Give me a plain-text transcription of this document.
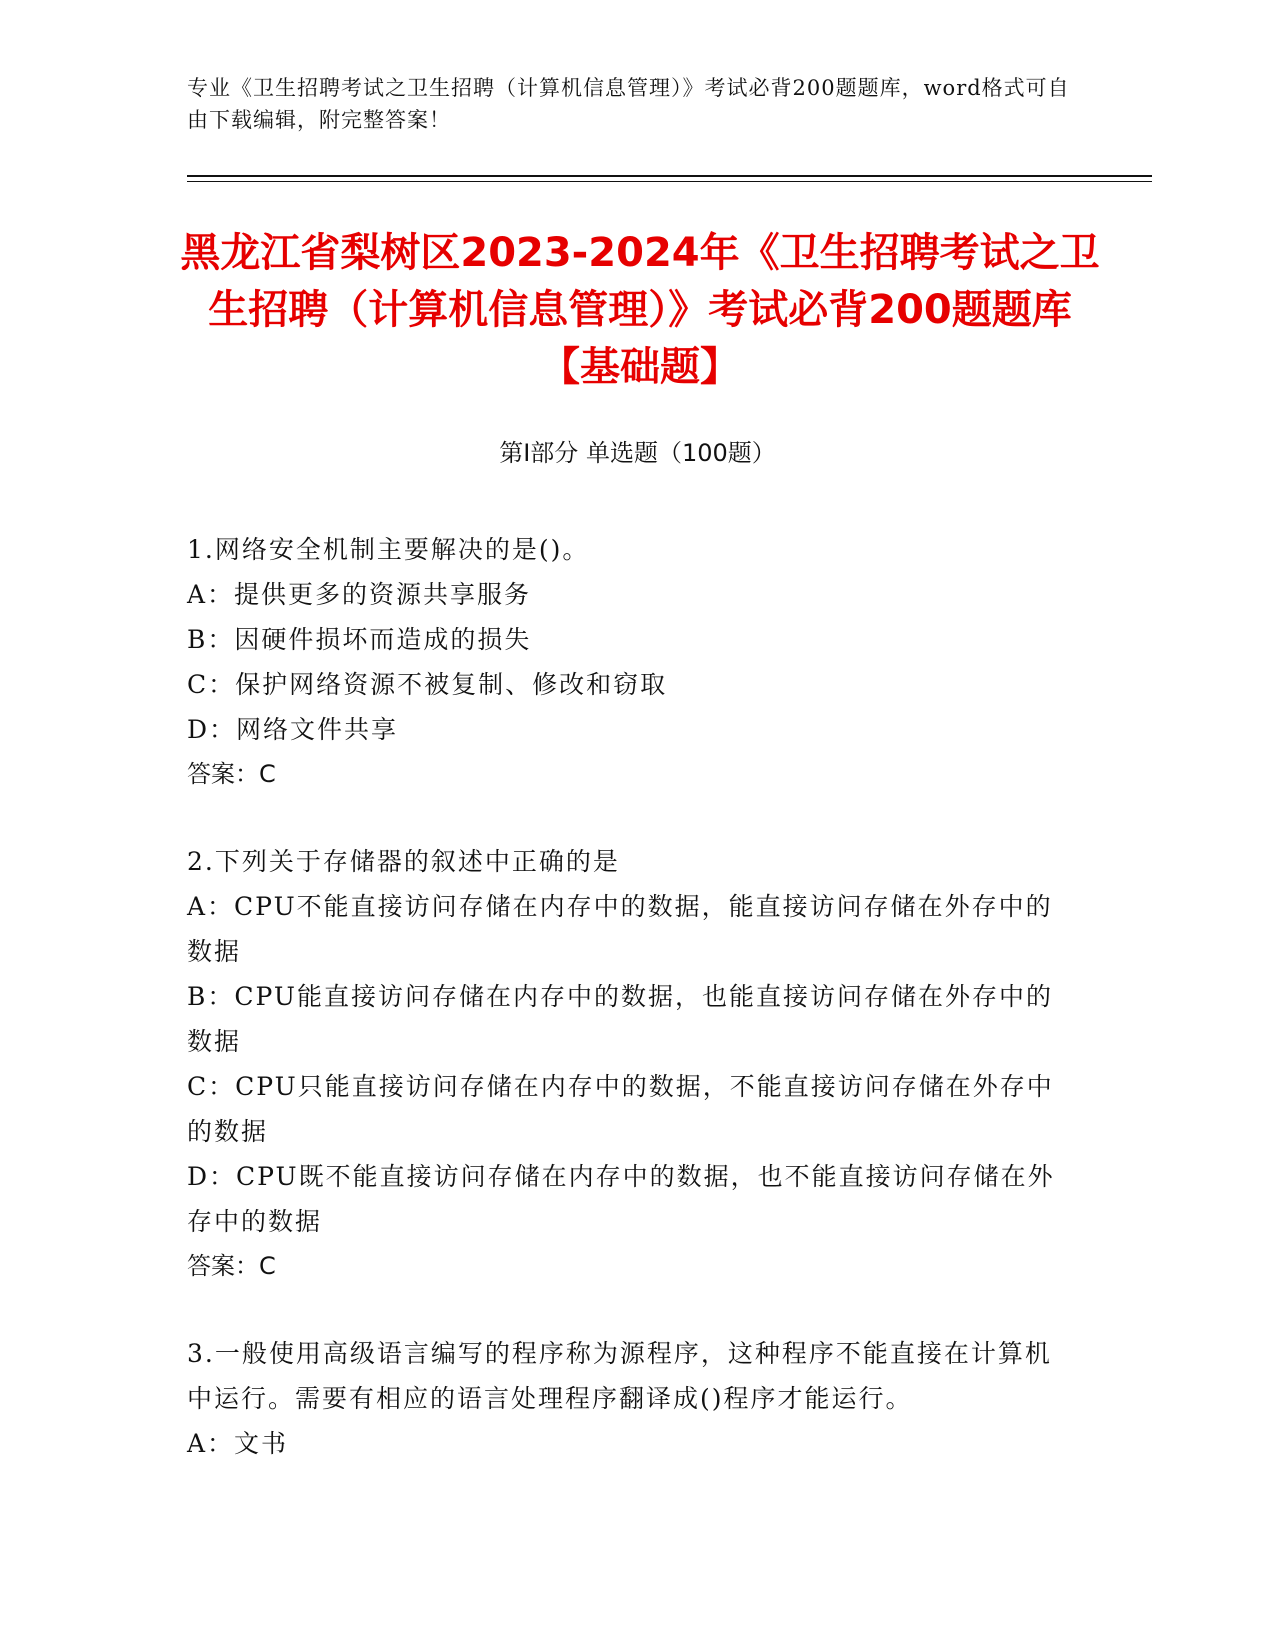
专业《卫生招聘考试之卫生招聘（计算机信息管理）》考试必背200题题库，word格式可自由下载编辑，附完整答案！
黑龙江省梨树区2023-2024年《卫生招聘考试之卫生招聘（计算机信息管理）》考试必背200题题库【基础题】
第Ⅰ部分 单选题（100题）
1.网络安全机制主要解决的是()。
A：提供更多的资源共享服务
B：因硬件损坏而造成的损失
C：保护网络资源不被复制、修改和窃取
D：网络文件共享
答案：C
2.下列关于存储器的叙述中正确的是
A：CPU不能直接访问存储在内存中的数据，能直接访问存储在外存中的数据
B：CPU能直接访问存储在内存中的数据，也能直接访问存储在外存中的数据
C：CPU只能直接访问存储在内存中的数据，不能直接访问存储在外存中的数据
D：CPU既不能直接访问存储在内存中的数据，也不能直接访问存储在外存中的数据
答案：C
3.一般使用高级语言编写的程序称为源程序，这种程序不能直接在计算机中运行。需要有相应的语言处理程序翻译成()程序才能运行。
A：文书
